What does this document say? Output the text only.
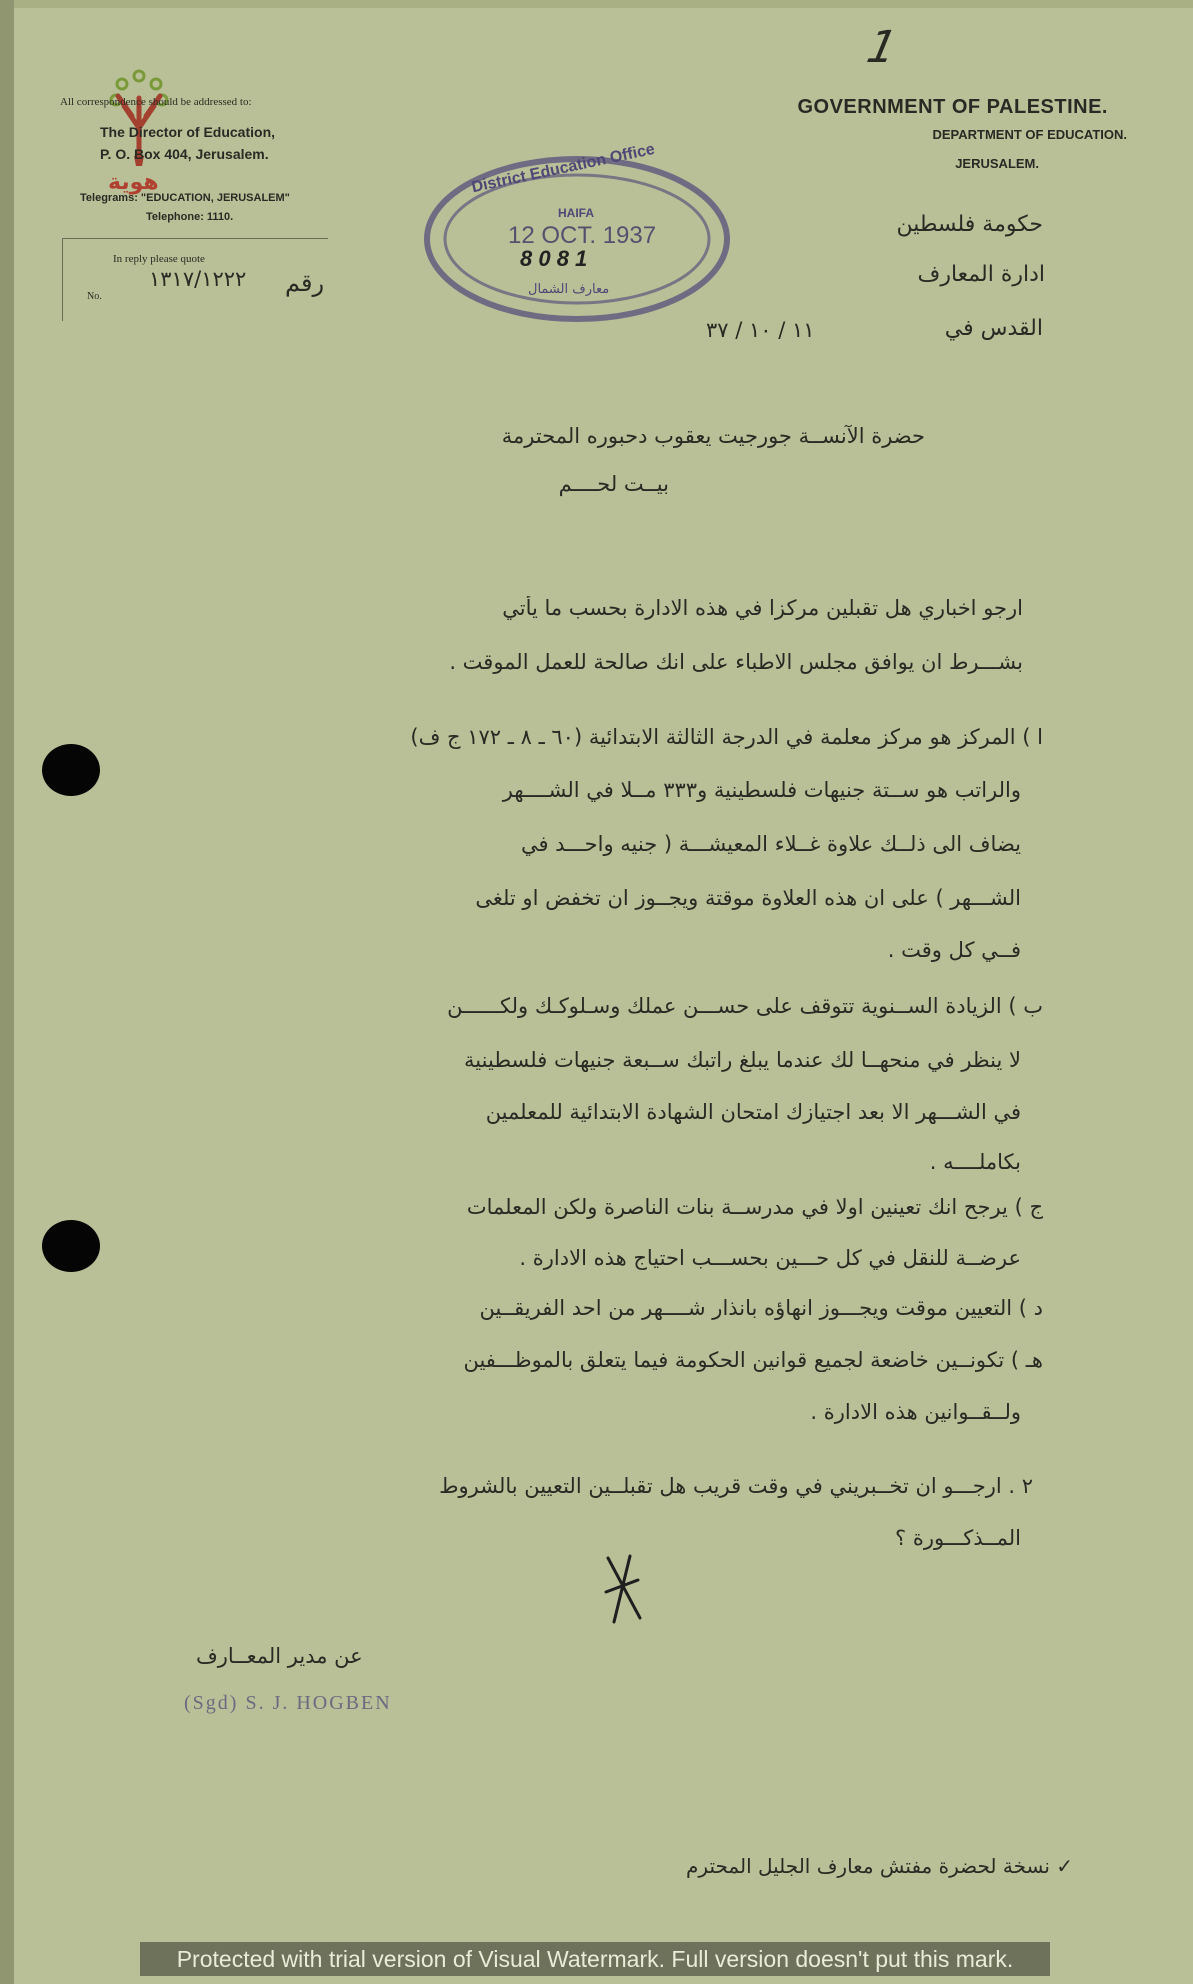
1
هوية
All correspondence should be addressed to:
The Director of Education,
P. O. Box 404, Jerusalem.
Telegrams: "EDUCATION, JERUSALEM"
Telephone: 1110.
In reply please quote
No.
١٣١٧/١٢٢٢ رقم
District Education Office
HAIFA
12 OCT. 1937
8 0 8 1
معارف الشمال
GOVERNMENT OF PALESTINE.
DEPARTMENT OF EDUCATION.
JERUSALEM.
حكومة فلسطين
ادارة المعارف
القدس في
١١ / ١٠ / ٣٧
حضرة الآنســة جورجيت يعقوب دحبوره المحترمة
بيــت لحــــم
ارجو اخباري هل تقبلين مركزا في هذه الادارة بحسب ما يأتي
بشـــرط ان يوافق مجلس الاطباء على انك صالحة للعمل الموقت .
ا ) المركز هو مركز معلمة في الدرجة الثالثة الابتدائية (٦٠ ـ ٨ ـ ١٧٢ ج ف)
والراتب هو ســتة جنيهات فلسطينية و٣٣٣ مــلا في الشــــهر
يضاف الى ذلــك علاوة غــلاء المعيشـــة ( جنيه واحـــد في
الشـــهر ) على ان هذه العلاوة موقتة ويجــوز ان تخفض او تلغى
فــي كل وقت .
ب ) الزيادة الســنوية تتوقف على حســـن عملك وسـلوكـك ولكــــــن
لا ينظر في منحهــا لك عندما يبلغ راتبك ســبعة جنيهات فلسطينية
في الشـــهر الا بعد اجتيازك امتحان الشهادة الابتدائية للمعلمين
بكاملــــه .
ج ) يرجح انك تعينين اولا في مدرســة بنات الناصرة ولكن المعلمات
عرضــة للنقل في كل حـــين بحســـب احتياج هذه الادارة .
د ) التعيين موقت ويجـــوز انهاؤه بانذار شــــهر من احد الفريقــين
هـ ) تكونــين خاضعة لجميع قوانين الحكومة فيما يتعلق بالموظـــفين
ولــقــوانين هذه الادارة .
٢ . ارجـــو ان تخــبريني في وقت قريب هل تقبلــين التعيين بالشروط
المــذكـــورة ؟
عن مدير المعــارف
(Sgd) S. J. HOGBEN
✓ نسخة لحضرة مفتش معارف الجليل المحترم
Protected with trial version of Visual Watermark. Full version doesn't put this mark.
